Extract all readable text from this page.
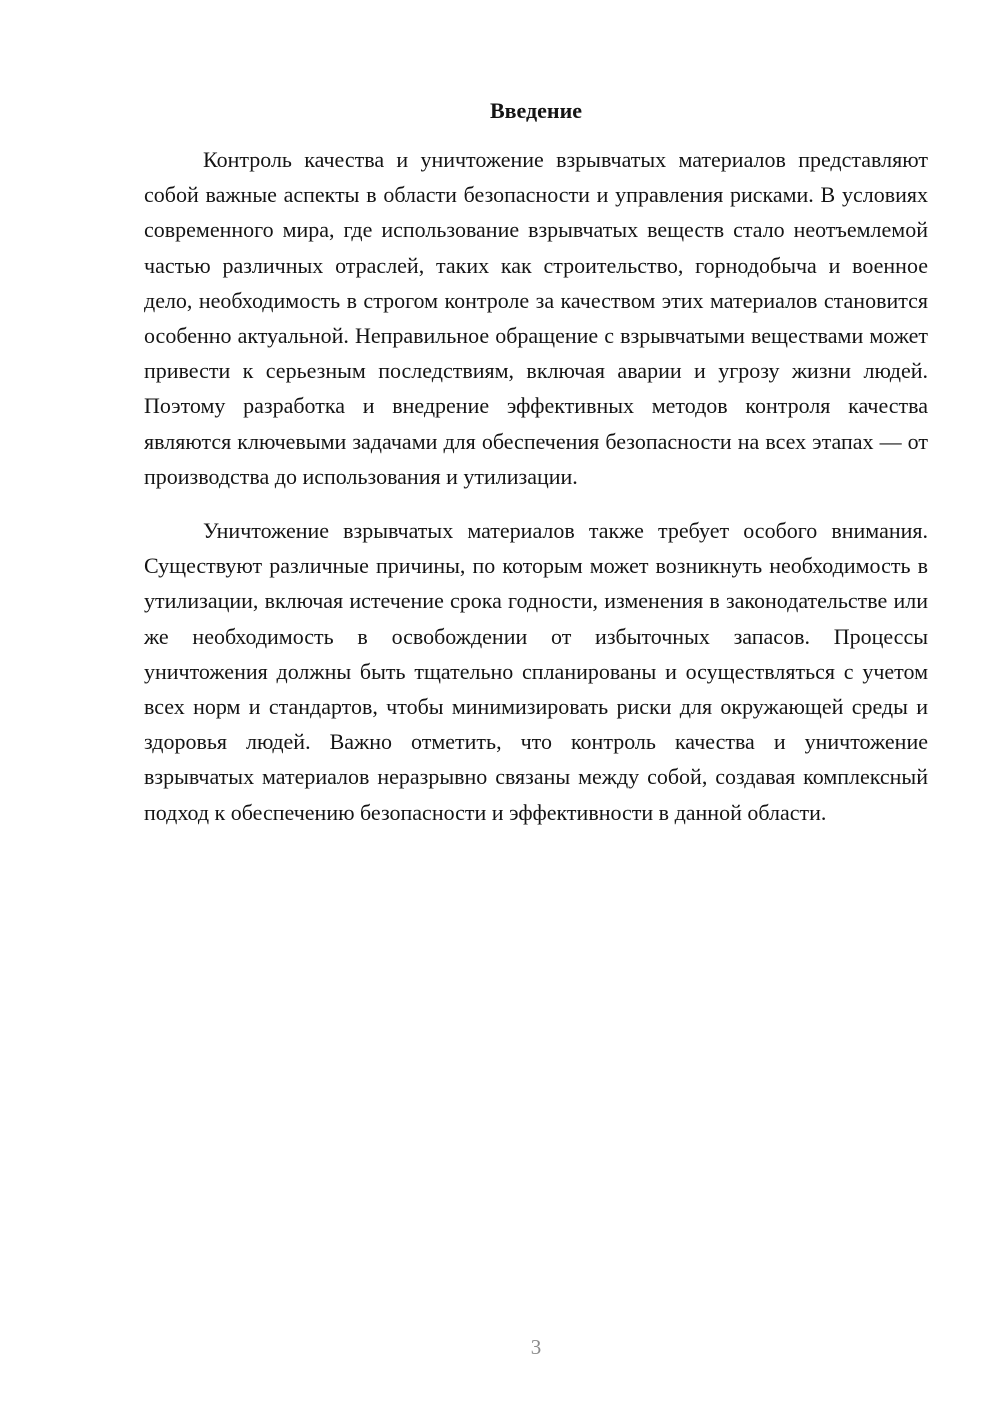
Введение

Контроль качества и уничтожение взрывчатых материалов представляют собой важные аспекты в области безопасности и управления рисками. В условиях современного мира, где использование взрывчатых веществ стало неотъемлемой частью различных отраслей, таких как строительство, горнодобыча и военное дело, необходимость в строгом контроле за качеством этих материалов становится особенно актуальной. Неправильное обращение с взрывчатыми веществами может привести к серьезным последствиям, включая аварии и угрозу жизни людей. Поэтому разработка и внедрение эффективных методов контроля качества являются ключевыми задачами для обеспечения безопасности на всех этапах — от производства до использования и утилизации.

Уничтожение взрывчатых материалов также требует особого внимания. Существуют различные причины, по которым может возникнуть необходимость в утилизации, включая истечение срока годности, изменения в законодательстве или же необходимость в освобождении от избыточных запасов. Процессы уничтожения должны быть тщательно спланированы и осуществляться с учетом всех норм и стандартов, чтобы минимизировать риски для окружающей среды и здоровья людей. Важно отметить, что контроль качества и уничтожение взрывчатых материалов неразрывно связаны между собой, создавая комплексный подход к обеспечению безопасности и эффективности в данной области.

3
